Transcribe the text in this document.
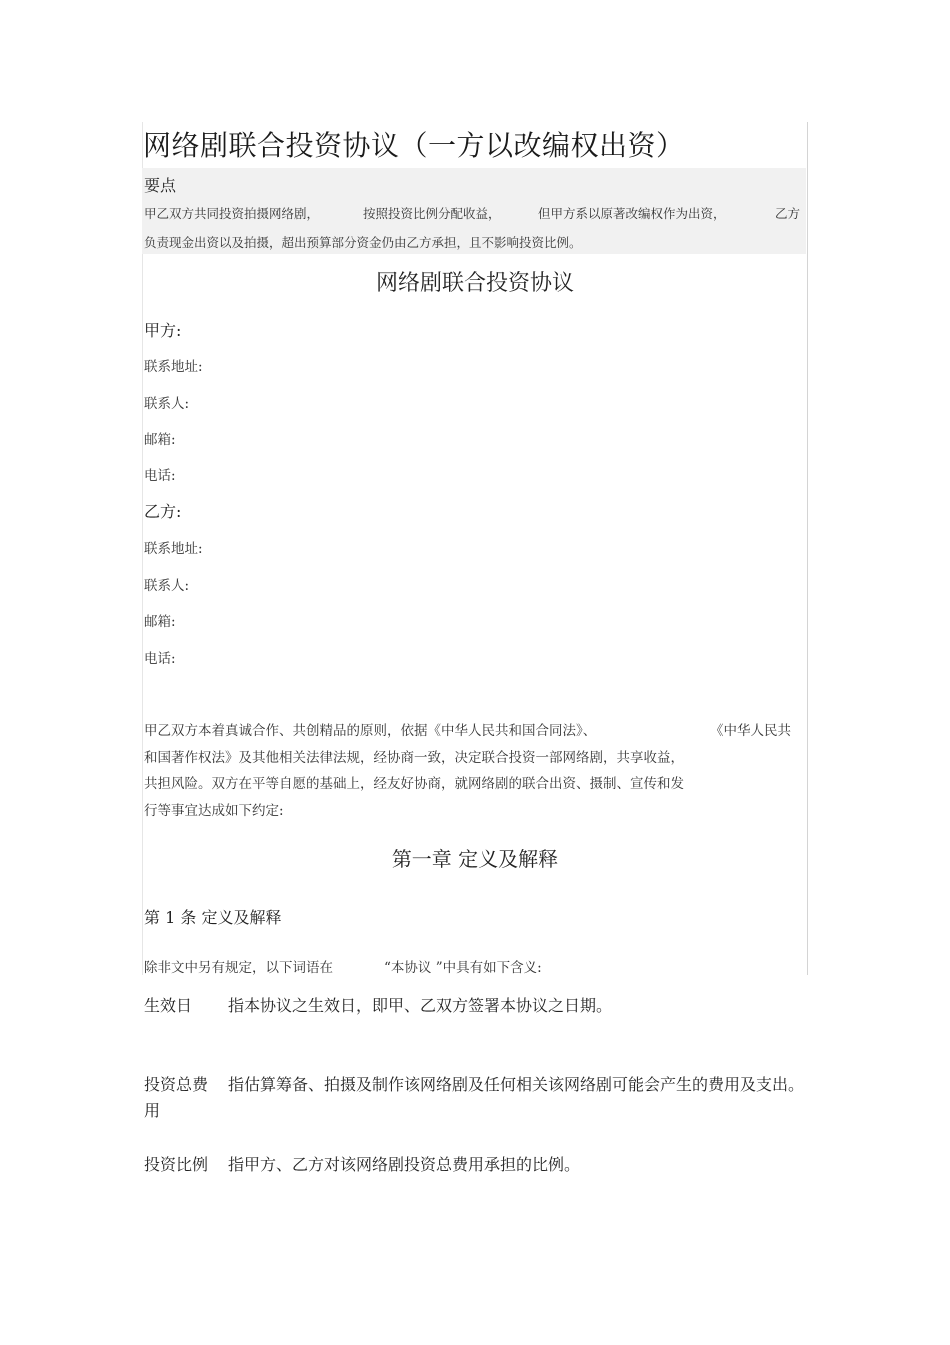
网络剧联合投资协议（一方以改编权出资）
要点
甲乙双方共同投资拍摄网络剧，	按照投资比例分配收益，	但甲方系以原著改编权作为出资，	乙方
负责现金出资以及拍摄，超出预算部分资金仍由乙方承担，且不影响投资比例。
网络剧联合投资协议
甲方:
联系地址:
联系人:
邮箱:
电话:
乙方:
联系地址:
联系人:
邮箱:
电话:
甲乙双方本着真诚合作、共创精品的原则，依据《中华人民共和国合同法》、	《中华人民共
和国著作权法》及其他相关法律法规，经协商一致，决定联合投资一部网络剧，共享收益，
共担风险。双方在平等自愿的基础上，经友好协商，就网络剧的联合出资、摄制、宣传和发
行等事宜达成如下约定:
第一章 定义及解释
第 1 条 定义及解释
除非文中另有规定，以下词语在	“本协议 ”中具有如下含义:
生效日 指本协议之生效日，即甲、乙双方签署本协议之日期。
投资总费 指估算筹备、拍摄及制作该网络剧及任何相关该网络剧可能会产生的费用及支出。
用
投资比例 指甲方、乙方对该网络剧投资总费用承担的比例。
